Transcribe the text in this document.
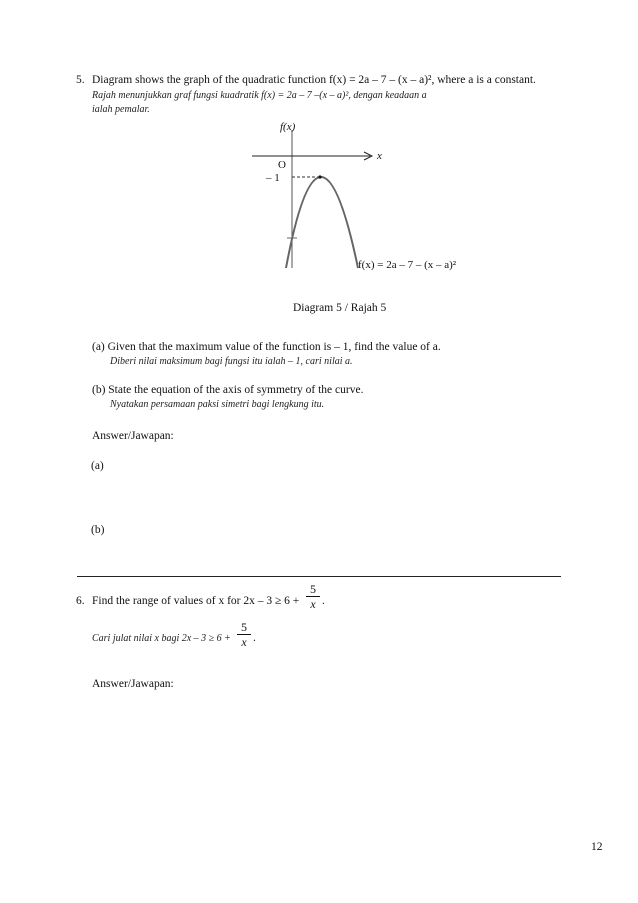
5. Diagram shows the graph of the quadratic function f(x) = 2a – 7 – (x – a)², where a is a constant.
Rajah menunjukkan graf fungsi kuadratik f(x) = 2a – 7 –(x – a)², dengan keadaan a
ialah pemalar.
f(x)
x
O
– 1
f(x) = 2a – 7 – (x – a)²
Diagram 5 / Rajah 5
(a) Given that the maximum value of the function is – 1, find the value of a.
Diberi nilai maksimum bagi fungsi itu ialah – 1, cari nilai a.
(b) State the equation of the axis of symmetry of the curve.
Nyatakan persamaan paksi simetri bagi lengkung itu.
Answer/Jawapan:
(a)
(b)
6. Find the range of values of x for $2x - 3 \ge 6 + \frac{5}{x}$ .
Cari julat nilai x bagi $2x - 3 \ge 6 + \frac{5}{x}$ .
Answer/Jawapan:
12
